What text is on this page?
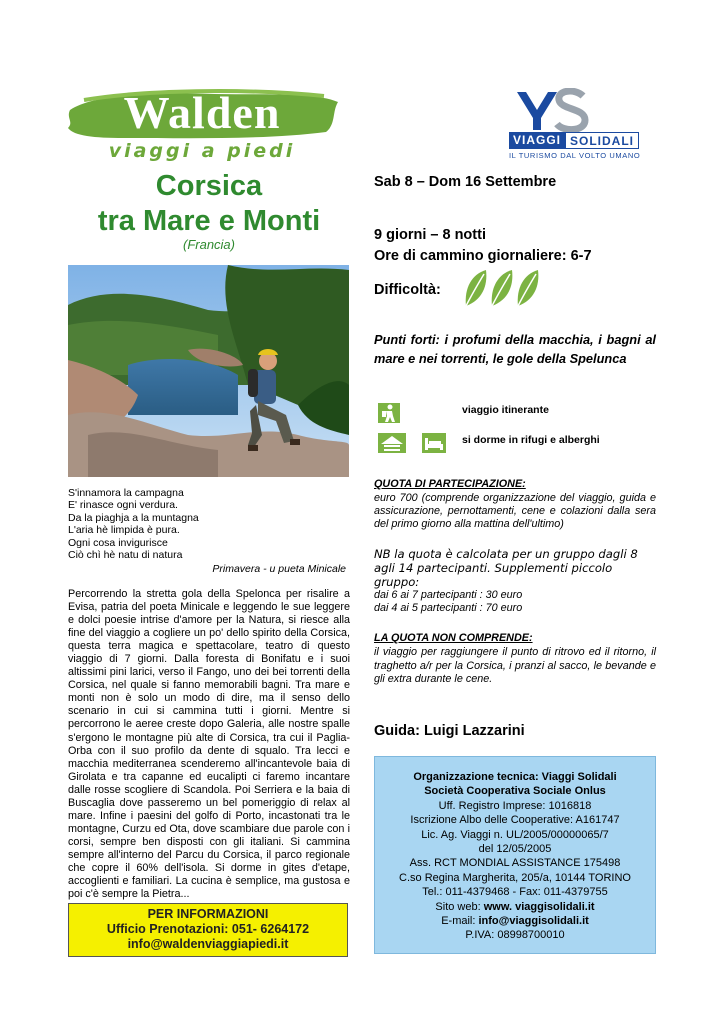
Walden
viaggi a piedi	VIAGGI SOLIDALI
IL TURISMO DAL VOLTO UMANO
Corsica
tra Mare e Monti
(Francia)
S'innamora la campagna
E' rinasce ogni verdura.
Da la piaghja a la muntagna
L'aria hè limpida è pura.
Ogni cosa invigurisce
Ciò chì hè natu di natura
Primavera - u pueta Minicale
Percorrendo la stretta gola della Spelonca per risalire a Evisa, patria del poeta Minicale e leggendo le sue leggere e dolci poesie intrise d'amore per la Natura, si riesce alla fine del viaggio a cogliere un po' dello spirito della Corsica, questa terra magica e spettacolare, teatro di questo viaggio di 7 giorni. Dalla foresta di Bonifatu e i suoi altissimi pini larici, verso il Fango, uno dei bei torrenti della Corsica, nel quale si fanno memorabili bagni. Tra mare e monti non è solo un modo di dire, ma il senso dello scenario in cui si cammina tutti i giorni. Mentre si percorrono le aeree creste dopo Galeria, alle nostre spalle s'ergono le montagne più alte di Corsica, tra cui il Paglia-Orba con il suo profilo da dente di squalo. Tra lecci e macchia mediterranea scenderemo all'incantevole baia di Girolata e tra capanne ed eucalipti ci faremo incantare dalle rosse scogliere di Scandola. Poi Serriera e la baia di Buscaglia dove passeremo un bel pomeriggio di relax al mare. Infine i paesini del golfo di Porto, incastonati tra le montagne, Curzu ed Ota, dove scambiare due parole con i corsi, sempre ben disposti con gli italiani. Si cammina sempre all'interno del Parcu du Corsica, il parco regionale che copre il 60% dell'isola. Si dorme in gites d'etape, accoglienti e familiari. La cucina è semplice, ma gustosa e poi c'è sempre la Pietra...
PER INFORMAZIONI
Ufficio Prenotazioni: 051- 6264172
info@waldenviaggiapiedi.it
Sab 8 – Dom 16 Settembre
9 giorni – 8 notti
Ore di cammino giornaliere: 6-7
Difficoltà:
Punti forti: i profumi della macchia, i bagni al mare e nei torrenti, le gole della Spelunca
viaggio itinerante
si dorme in rifugi e alberghi
QUOTA DI PARTECIPAZIONE:
euro 700 (comprende organizzazione del viaggio, guida e assicurazione, pernottamenti, cene e colazioni dalla sera del primo giorno alla mattina dell'ultimo)
NB la quota è calcolata per un gruppo dagli 8 agli 14 partecipanti. Supplementi piccolo gruppo:
dai 6 ai 7 partecipanti : 30 euro
dai 4 ai 5 partecipanti : 70 euro
LA QUOTA NON COMPRENDE:
il viaggio per raggiungere il punto di ritrovo ed il ritorno, il traghetto a/r per la Corsica, i pranzi al sacco, le bevande e gli extra durante le cene.
Guida: Luigi Lazzarini
Organizzazione tecnica: Viaggi Solidali
Società Cooperativa Sociale Onlus
Uff. Registro Imprese: 1016818
Iscrizione Albo delle Cooperative: A161747
Lic. Ag. Viaggi n. UL/2005/00000065/7
del 12/05/2005
Ass. RCT MONDIAL ASSISTANCE 175498
C.so Regina Margherita, 205/a, 10144 TORINO
Tel.: 011-4379468 - Fax: 011-4379755
Sito web: www. viaggisolidali.it
E-mail: info@viaggisolidali.it
P.IVA: 08998700010
